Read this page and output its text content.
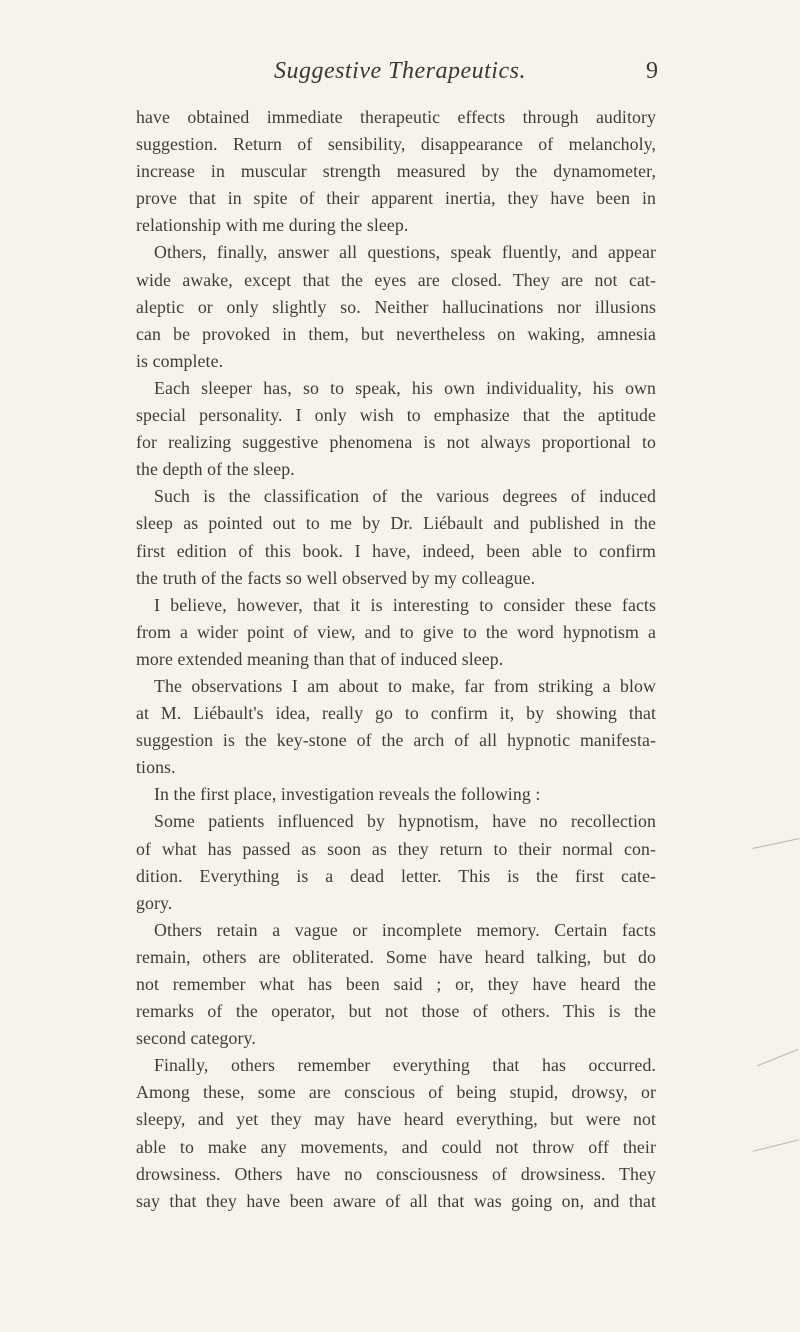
Suggestive Therapeutics.	9
have obtained immediate therapeutic effects through auditory
suggestion. Return of sensibility, disappearance of melancholy,
increase in muscular strength measured by the dynamometer,
prove that in spite of their apparent inertia, they have been in
relationship with me during the sleep.
Others, finally, answer all questions, speak fluently, and appear
wide awake, except that the eyes are closed. They are not cat-
aleptic or only slightly so. Neither hallucinations nor illusions
can be provoked in them, but nevertheless on waking, amnesia
is complete.
Each sleeper has, so to speak, his own individuality, his own
special personality. I only wish to emphasize that the aptitude
for realizing suggestive phenomena is not always proportional to
the depth of the sleep.
Such is the classification of the various degrees of induced
sleep as pointed out to me by Dr. Liébault and published in the
first edition of this book. I have, indeed, been able to confirm
the truth of the facts so well observed by my colleague.
I believe, however, that it is interesting to consider these facts
from a wider point of view, and to give to the word hypnotism a
more extended meaning than that of induced sleep.
The observations I am about to make, far from striking a blow
at M. Liébault's idea, really go to confirm it, by showing that
suggestion is the key-stone of the arch of all hypnotic manifesta-
tions.
In the first place, investigation reveals the following :
Some patients influenced by hypnotism, have no recollection
of what has passed as soon as they return to their normal con-
dition. Everything is a dead letter. This is the first cate-
gory.
Others retain a vague or incomplete memory. Certain facts
remain, others are obliterated. Some have heard talking, but do
not remember what has been said ; or, they have heard the
remarks of the operator, but not those of others. This is the
second category.
Finally, others remember everything that has occurred.
Among these, some are conscious of being stupid, drowsy, or
sleepy, and yet they may have heard everything, but were not
able to make any movements, and could not throw off their
drowsiness. Others have no consciousness of drowsiness. They
say that they have been aware of all that was going on, and that
